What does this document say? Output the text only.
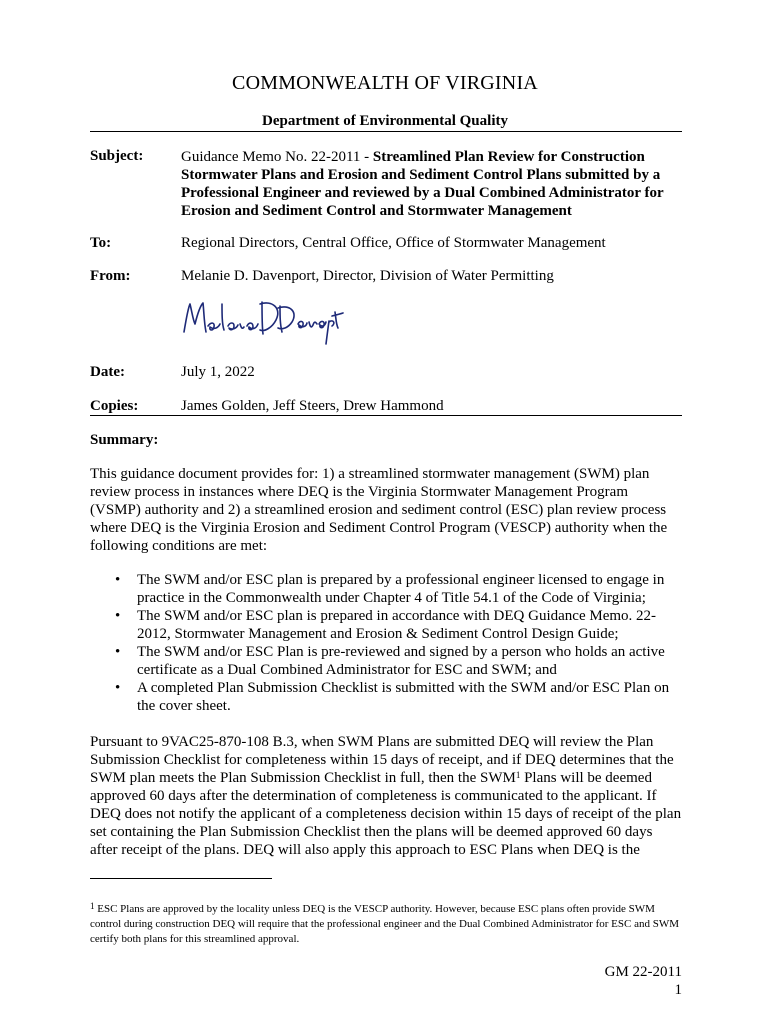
COMMONWEALTH OF VIRGINIA
Department of Environmental Quality
Subject:	Guidance Memo No. 22-2011 - Streamlined Plan Review for Construction Stormwater Plans and Erosion and Sediment Control Plans submitted by a Professional Engineer and reviewed by a Dual Combined Administrator for Erosion and Sediment Control and Stormwater Management
To:	Regional Directors, Central Office, Office of Stormwater Management
From:	Melanie D. Davenport, Director, Division of Water Permitting
Date:	July 1, 2022
Copies:	James Golden, Jeff Steers, Drew Hammond
Summary:
This guidance document provides for: 1) a streamlined stormwater management (SWM) plan review process in instances where DEQ is the Virginia Stormwater Management Program (VSMP) authority and 2) a streamlined erosion and sediment control (ESC) plan review process where DEQ is the Virginia Erosion and Sediment Control Program (VESCP) authority when the following conditions are met:
• The SWM and/or ESC plan is prepared by a professional engineer licensed to engage in practice in the Commonwealth under Chapter 4 of Title 54.1 of the Code of Virginia;
• The SWM and/or ESC plan is prepared in accordance with DEQ Guidance Memo. 22-2012, Stormwater Management and Erosion & Sediment Control Design Guide;
• The SWM and/or ESC Plan is pre-reviewed and signed by a person who holds an active certificate as a Dual Combined Administrator for ESC and SWM; and
• A completed Plan Submission Checklist is submitted with the SWM and/or ESC Plan on the cover sheet.
Pursuant to 9VAC25-870-108 B.3, when SWM Plans are submitted DEQ will review the Plan Submission Checklist for completeness within 15 days of receipt, and if DEQ determines that the SWM plan meets the Plan Submission Checklist in full, then the SWM$^1$ Plans will be deemed approved 60 days after the determination of completeness is communicated to the applicant. If DEQ does not notify the applicant of a completeness decision within 15 days of receipt of the plan set containing the Plan Submission Checklist then the plans will be deemed approved 60 days after receipt of the plans. DEQ will also apply this approach to ESC Plans when DEQ is the
$^1$ ESC Plans are approved by the locality unless DEQ is the VESCP authority. However, because ESC plans often provide SWM control during construction DEQ will require that the professional engineer and the Dual Combined Administrator for ESC and SWM certify both plans for this streamlined approval.
GM 22-2011
1
